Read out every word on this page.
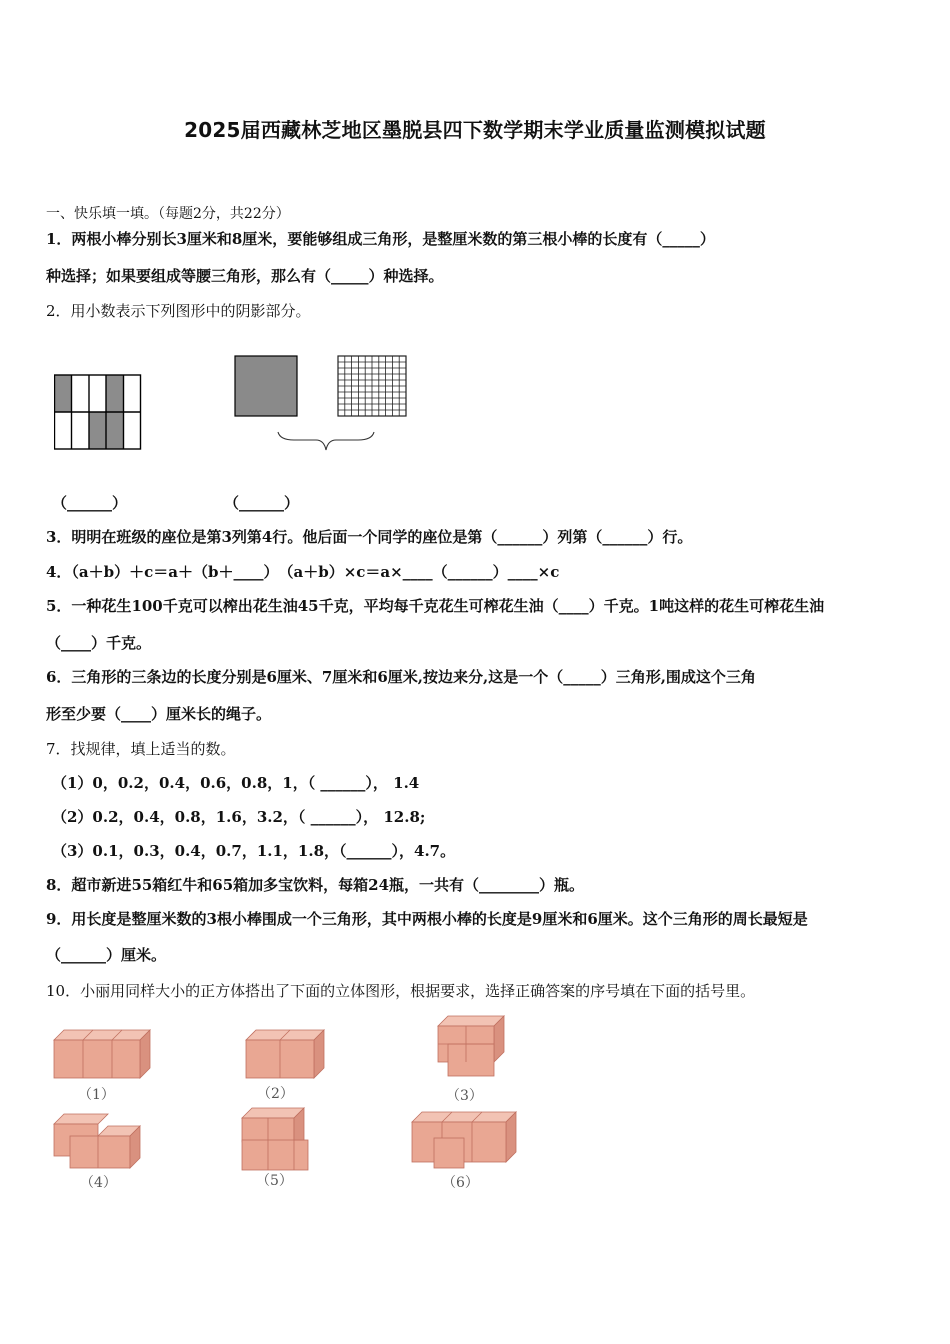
2025届西藏林芝地区墨脱县四下数学期末学业质量监测模拟试题
一、快乐填一填。（每题2分，共22分）
1．两根小棒分别长3厘米和8厘米，要能够组成三角形，是整厘米数的第三根小棒的长度有（_____）
种选择；如果要组成等腰三角形，那么有（_____）种选择。
2．用小数表示下列图形中的阴影部分。
（______）	（______）
3．明明在班级的座位是第3列第4行。他后面一个同学的座位是第（______）列第（______）行。
4．（a＋b）＋c＝a＋（b＋____）　（a＋b）×c＝a×____（______）____×c
5．一种花生100千克可以榨出花生油45千克，平均每千克花生可榨花生油（____）千克。1吨这样的花生可榨花生油
（____）千克。
6．三角形的三条边的长度分别是6厘米、7厘米和6厘米,按边来分,这是一个（_____）三角形,围成这个三角
形至少要（____）厘米长的绳子。
7．找规律，填上适当的数。
（1）0，0.2，0.4，0.6，0.8，1，（ ______）， 1.4
（2）0.2，0.4，0.8，1.6，3.2，（ ______）， 12.8;
（3）0.1，0.3，0.4，0.7，1.1，1.8，（______），4.7。
8．超市新进55箱红牛和65箱加多宝饮料，每箱24瓶，一共有（________）瓶。
9．用长度是整厘米数的3根小棒围成一个三角形，其中两根小棒的长度是9厘米和6厘米。这个三角形的周长最短是
（______）厘米。
10．小丽用同样大小的正方体搭出了下面的立体图形，根据要求，选择正确答案的序号填在下面的括号里。
（1）	（2）	（3）
（4）	（5）	（6）
